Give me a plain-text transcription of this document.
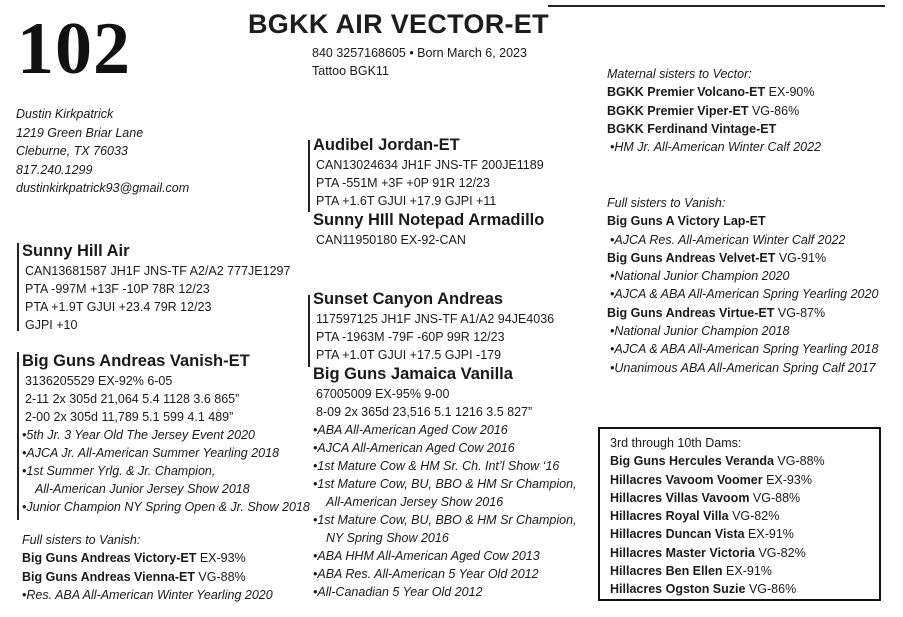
102	BGKK AIR VECTOR-ET
840 3257168605 • Born March 6, 2023
Tattoo BGK11
Dustin Kirkpatrick
1219 Green Briar Lane
Cleburne, TX 76033
817.240.1299
dustinkirkpatrick93@gmail.com
Sunny Hill Air
CAN13681587 JH1F JNS-TF A2/A2 777JE1297
PTA -997M +13F -10P 78R 12/23
PTA +1.9T GJUI +23.4 79R 12/23
GJPI +10
Audibel Jordan-ET
CAN13024634 JH1F JNS-TF 200JE1189
PTA -551M +3F +0P 91R 12/23
PTA +1.6T GJUI +17.9 GJPI +11
Sunny HIll Notepad Armadillo
CAN11950180 EX-92-CAN
Big Guns Andreas Vanish-ET
3136205529 EX-92% 6-05
2-11 2x 305d 21,064 5.4 1128 3.6 865”
2-00 2x 305d 11,789 5.1 599 4.1 489”
•5th Jr. 3 Year Old The Jersey Event 2020
•AJCA Jr. All-American Summer Yearling 2018
•1st Summer Yrlg. & Jr. Champion,
All-American Junior Jersey Show 2018
•Junior Champion NY Spring Open & Jr. Show 2018
Full sisters to Vanish:
Big Guns Andreas Victory-ET EX-93%
Big Guns Andreas Vienna-ET VG-88%
•Res. ABA All-American Winter Yearling 2020
Sunset Canyon Andreas
117597125 JH1F JNS-TF A1/A2 94JE4036
PTA -1963M -79F -60P 99R 12/23
PTA +1.0T GJUI +17.5 GJPI -179
Big Guns Jamaica Vanilla
67005009 EX-95% 9-00
8-09 2x 365d 23,516 5.1 1216 3.5 827”
•ABA All-American Aged Cow 2016
•AJCA All-American Aged Cow 2016
•1st Mature Cow & HM Sr. Ch. Int’l Show ‘16
•1st Mature Cow, BU, BBO & HM Sr Champion,
All-American Jersey Show 2016
•1st Mature Cow, BU, BBO & HM Sr Champion,
NY Spring Show 2016
•ABA HHM All-American Aged Cow 2013
•ABA Res. All-American 5 Year Old 2012
•All-Canadian 5 Year Old 2012
Maternal sisters to Vector:
BGKK Premier Volcano-ET EX-90%
BGKK Premier Viper-ET VG-86%
BGKK Ferdinand Vintage-ET
•HM Jr. All-American Winter Calf 2022
Full sisters to Vanish:
Big Guns A Victory Lap-ET
•AJCA Res. All-American Winter Calf 2022
Big Guns Andreas Velvet-ET VG-91%
•National Junior Champion 2020
•AJCA & ABA All-American Spring Yearling 2020
Big Guns Andreas Virtue-ET VG-87%
•National Junior Champion 2018
•AJCA & ABA All-American Spring Yearling 2018
•Unanimous ABA All-American Spring Calf 2017
3rd through 10th Dams:
Big Guns Hercules Veranda VG-88%
Hillacres Vavoom Voomer EX-93%
Hillacres Villas Vavoom VG-88%
Hillacres Royal Villa VG-82%
Hillacres Duncan Vista EX-91%
Hillacres Master Victoria VG-82%
Hillacres Ben Ellen EX-91%
Hillacres Ogston Suzie VG-86%
